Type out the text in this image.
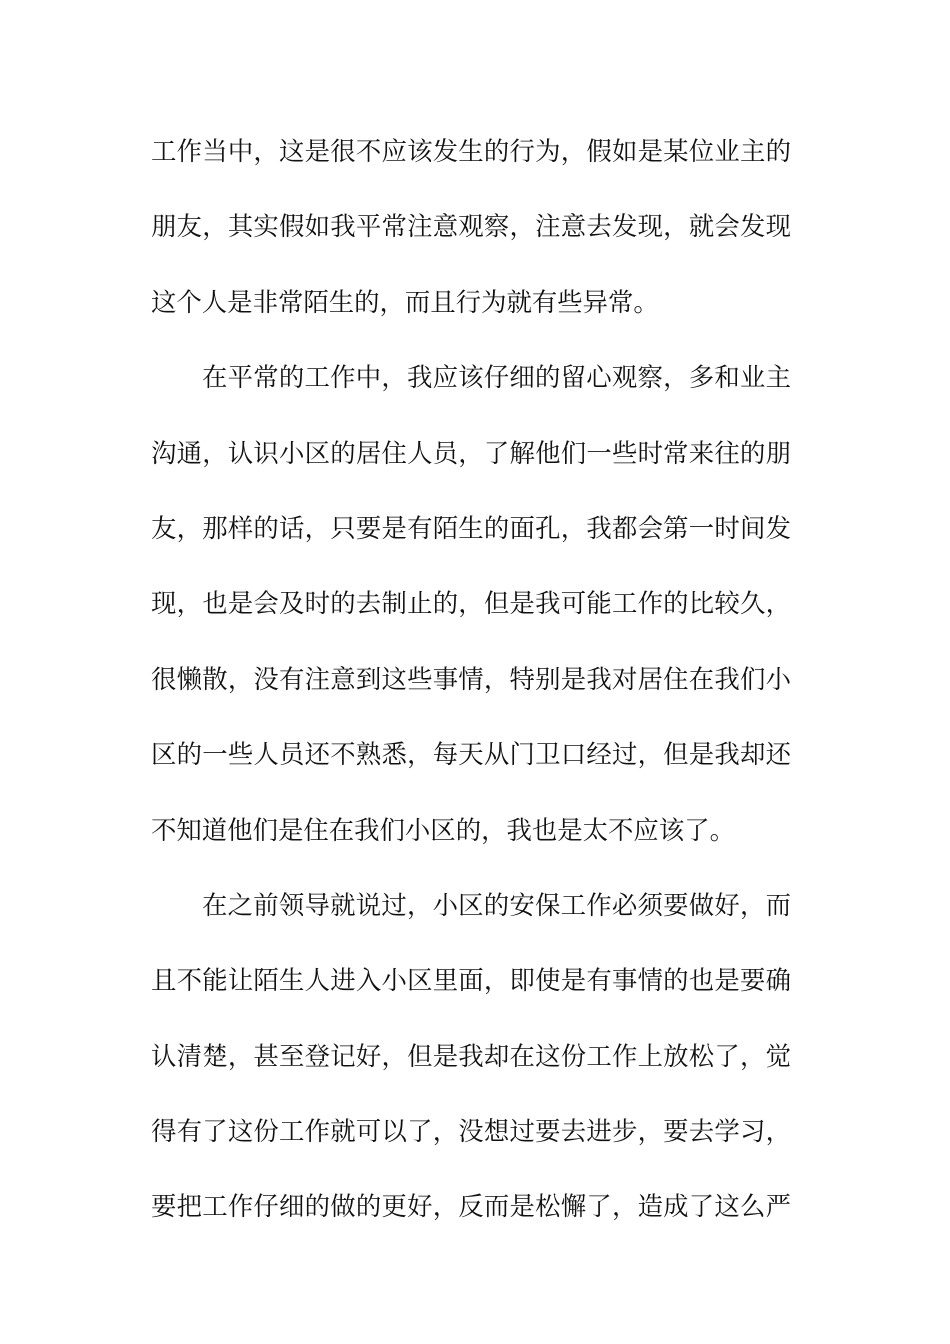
工作当中，这是很不应该发生的行为，假如是某位业主的
朋友，其实假如我平常注意观察，注意去发现，就会发现
这个人是非常陌生的，而且行为就有些异常。
在平常的工作中，我应该仔细的留心观察，多和业主
沟通，认识小区的居住人员，了解他们一些时常来往的朋
友，那样的话，只要是有陌生的面孔，我都会第一时间发
现，也是会及时的去制止的，但是我可能工作的比较久，
很懒散，没有注意到这些事情，特别是我对居住在我们小
区的一些人员还不熟悉，每天从门卫口经过，但是我却还
不知道他们是住在我们小区的，我也是太不应该了。
在之前领导就说过，小区的安保工作必须要做好，而
且不能让陌生人进入小区里面，即使是有事情的也是要确
认清楚，甚至登记好，但是我却在这份工作上放松了，觉
得有了这份工作就可以了，没想过要去进步，要去学习，
要把工作仔细的做的更好，反而是松懈了，造成了这么严
